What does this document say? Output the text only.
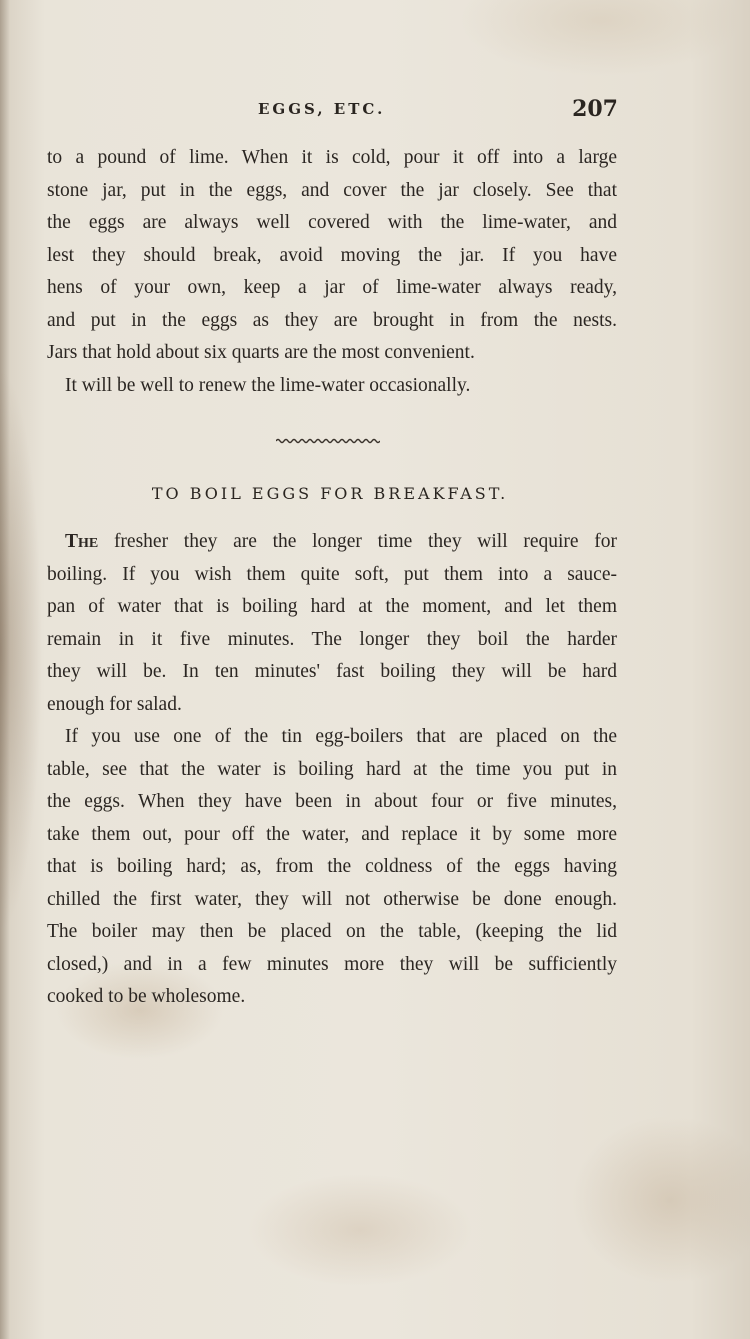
EGGS, ETC.	207
to a pound of lime. When it is cold, pour it off into a large
stone jar, put in the eggs, and cover the jar closely. See that
the eggs are always well covered with the lime-water, and
lest they should break, avoid moving the jar. If you have
hens of your own, keep a jar of lime-water always ready,
and put in the eggs as they are brought in from the nests.
Jars that hold about six quarts are the most convenient.
It will be well to renew the lime-water occasionally.
TO BOIL EGGS FOR BREAKFAST.
The fresher they are the longer time they will require for
boiling. If you wish them quite soft, put them into a sauce-
pan of water that is boiling hard at the moment, and let them
remain in it five minutes. The longer they boil the harder
they will be. In ten minutes' fast boiling they will be hard
enough for salad.
If you use one of the tin egg-boilers that are placed on the
table, see that the water is boiling hard at the time you put in
the eggs. When they have been in about four or five minutes,
take them out, pour off the water, and replace it by some more
that is boiling hard; as, from the coldness of the eggs having
chilled the first water, they will not otherwise be done enough.
The boiler may then be placed on the table, (keeping the lid
closed,) and in a few minutes more they will be sufficiently
cooked to be wholesome.
